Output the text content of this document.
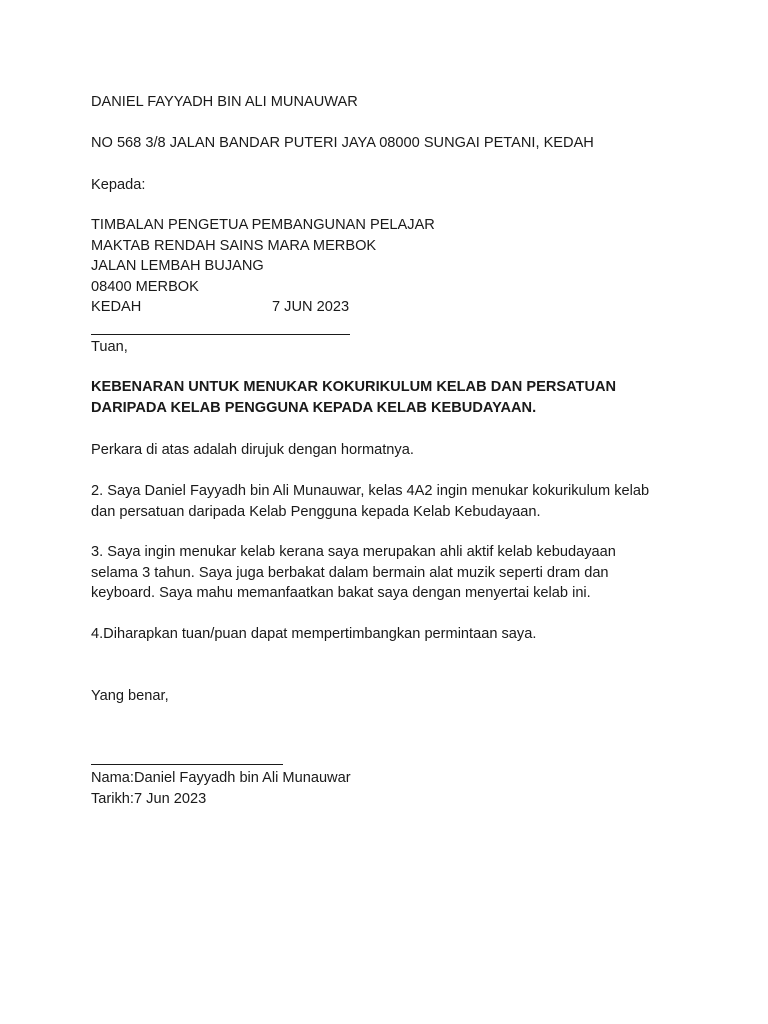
DANIEL FAYYADH BIN ALI MUNAUWAR
NO 568 3/8 JALAN BANDAR PUTERI JAYA 08000 SUNGAI PETANI, KEDAH
Kepada:
TIMBALAN PENGETUA PEMBANGUNAN PELAJAR
MAKTAB RENDAH SAINS MARA MERBOK
JALAN LEMBAH BUJANG
08400 MERBOK
KEDAH	7 JUN 2023
Tuan,
KEBENARAN UNTUK MENUKAR KOKURIKULUM KELAB DAN PERSATUAN
DARIPADA KELAB PENGGUNA KEPADA KELAB KEBUDAYAAN.
Perkara di atas adalah dirujuk dengan hormatnya.
2. Saya Daniel Fayyadh bin Ali Munauwar, kelas 4A2 ingin menukar kokurikulum kelab
dan persatuan daripada Kelab Pengguna kepada Kelab Kebudayaan.
3. Saya ingin menukar kelab kerana saya merupakan ahli aktif kelab kebudayaan
selama 3 tahun. Saya juga berbakat dalam bermain alat muzik seperti dram dan
keyboard. Saya mahu memanfaatkan bakat saya dengan menyertai kelab ini.
4.Diharapkan tuan/puan dapat mempertimbangkan permintaan saya.
Yang benar,
Nama:Daniel Fayyadh bin Ali Munauwar
Tarikh:7 Jun 2023
